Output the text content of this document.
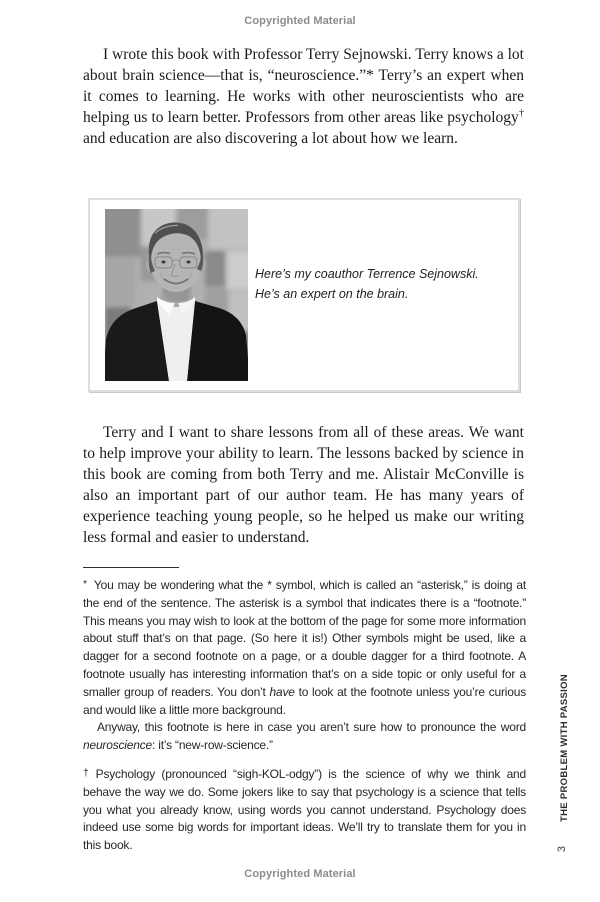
Copyrighted Material

I wrote this book with Professor Terry Sejnowski. Terry knows a lot about brain science—that is, “neuroscience.”* Terry’s an expert when it comes to learning. He works with other neuroscientists who are helping us to learn better. Professors from other areas like psychology† and education are also discovering a lot about how we learn.

Here’s my coauthor Terrence Sejnowski.
He’s an expert on the brain.

Terry and I want to share lessons from all of these areas. We want to help improve your ability to learn. The lessons backed by science in this book are coming from both Terry and me. Alistair McConville is also an important part of our author team. He has many years of experience teaching young people, so he helped us make our writing less formal and easier to understand.

* You may be wondering what the * symbol, which is called an “asterisk,” is doing at the end of the sentence. The asterisk is a symbol that indicates there is a “footnote.” This means you may wish to look at the bottom of the page for some more information about stuff that’s on that page. (So here it is!) Other symbols might be used, like a dagger for a second footnote on a page, or a double dagger for a third footnote. A footnote usually has interesting information that’s on a side topic or only useful for a smaller group of readers. You don’t have to look at the footnote unless you’re curious and would like a little more background.

Anyway, this footnote is here in case you aren’t sure how to pronounce the word neuroscience: it’s “new-row-science.”

† Psychology (pronounced “sigh-KOL-odgy”) is the science of why we think and behave the way we do. Some jokers like to say that psychology is a science that tells you what you already know, using words you cannot understand. Psychology does indeed use some big words for important ideas. We’ll try to translate them for you in this book.

THE PROBLEM WITH PASSION
3
Copyrighted Material
